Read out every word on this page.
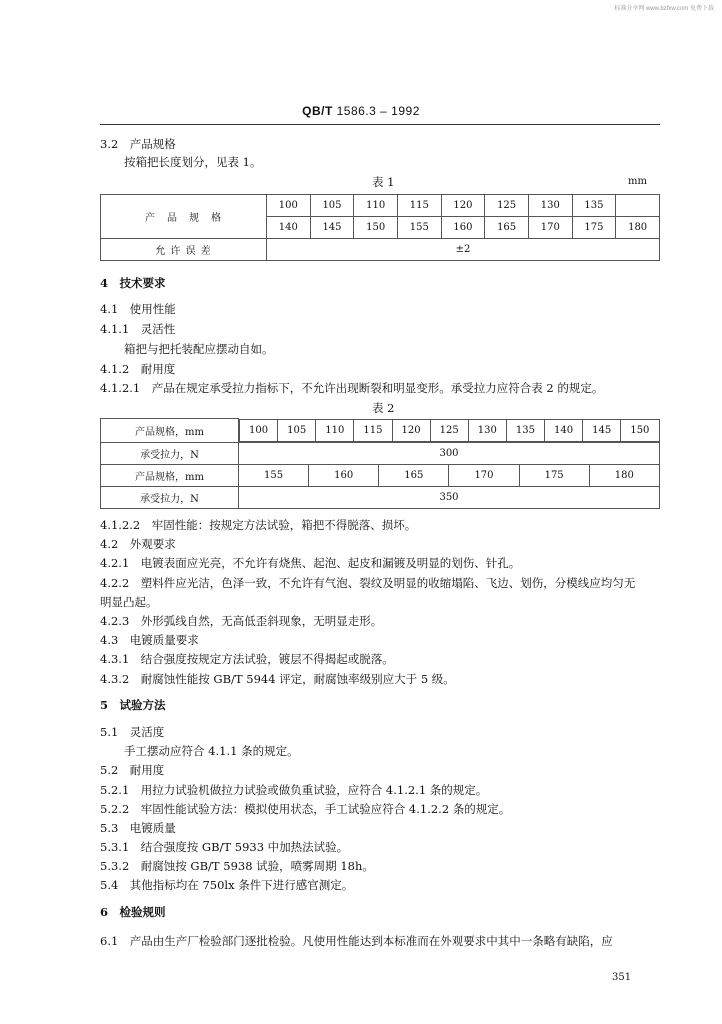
标准分享网 www.bzfxw.com 免费下载
QB/T 1586.3 – 1992
3.2　产品规格
按箱把长度划分，见表 1。
表 1	mm
产　品　规　格	100	105	110	115	120	125	130	135	
	140	145	150	155	160	165	170	175	180
允 许 误 差	±2								
4　技术要求
4.1　使用性能
4.1.1　灵活性
箱把与把托装配应摆动自如。
4.1.2　耐用度
4.1.2.1　产品在规定承受拉力指标下，不允许出现断裂和明显变形。承受拉力应符合表 2 的规定。
表 2
产品规格，mm		100	105	110	115	120	125	130	135	140	145	150

承受拉力，N	300
产品规格，mm	155	160	165	170	175	180
承受拉力，N	350
4.1.2.2　牢固性能：按规定方法试验，箱把不得脱落、损坏。
4.2　外观要求
4.2.1　电镀表面应光亮，不允许有烧焦、起泡、起皮和漏镀及明显的划伤、针孔。
4.2.2　塑料件应光洁，色泽一致，不允许有气泡、裂纹及明显的收缩塌陷、飞边、划伤，分模线应均匀无
明显凸起。
4.2.3　外形弧线自然，无高低歪斜现象，无明显走形。
4.3　电镀质量要求
4.3.1　结合强度按规定方法试验，镀层不得揭起或脱落。
4.3.2　耐腐蚀性能按 GB/T 5944 评定，耐腐蚀率级别应大于 5 级。
5　试验方法
5.1　灵活度
手工摆动应符合 4.1.1 条的规定。
5.2　耐用度
5.2.1　用拉力试验机做拉力试验或做负重试验，应符合 4.1.2.1 条的规定。
5.2.2　牢固性能试验方法：模拟使用状态，手工试验应符合 4.1.2.2 条的规定。
5.3　电镀质量
5.3.1　结合强度按 GB/T 5933 中加热法试验。
5.3.2　耐腐蚀按 GB/T 5938 试验，喷雾周期 18h。
5.4　其他指标均在 750lx 条件下进行感官测定。
6　检验规则
6.1　产品由生产厂检验部门逐批检验。凡使用性能达到本标准而在外观要求中其中一条略有缺陷，应
351
